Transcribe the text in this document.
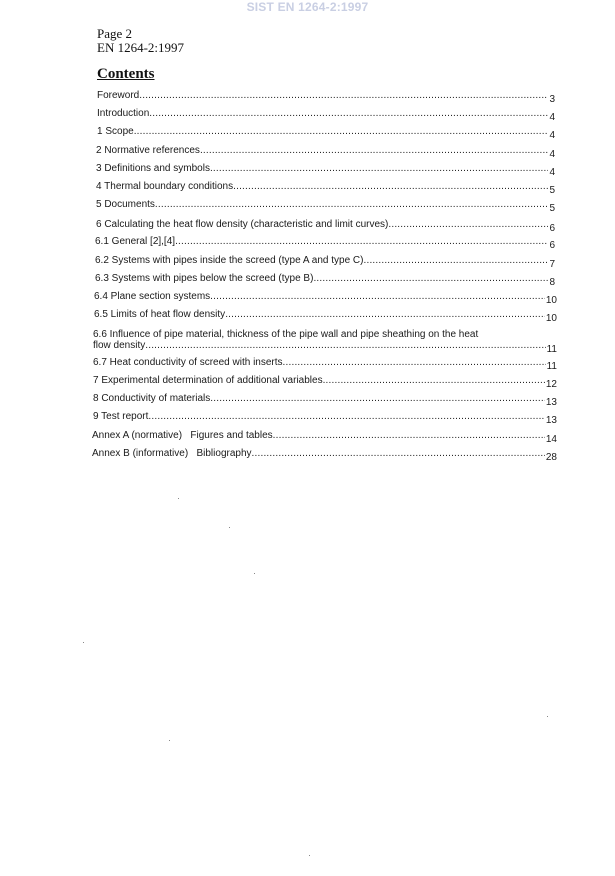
SIST EN 1264-2:1997
Page 2
EN 1264-2:1997
Contents
Foreword .....	3
Introduction .....	4
1 Scope .....	4
2 Normative references .....	4
3 Definitions and symbols .....	4
4 Thermal boundary conditions .....	5
5 Documents .....	5
6 Calculating the heat flow density (characteristic and limit curves) .....	6
6.1 General [2],[4] .....	6
6.2 Systems with pipes inside the screed (type A and type C) .....	7
6.3 Systems with pipes below the screed (type B) .....	8
6.4 Plane section systems .....	10
6.5 Limits of heat flow density .....	10
6.6 Influence of pipe material, thickness of the pipe wall and pipe sheathing on the heat
flow density .....	11
6.7 Heat conductivity of screed with inserts .....	11
7 Experimental determination of additional variables .....	12
8 Conductivity of materials .....	13
9 Test report .....	13
Annex A (normative)   Figures and tables .....	14
Annex B (informative)   Bibliography .....	28
